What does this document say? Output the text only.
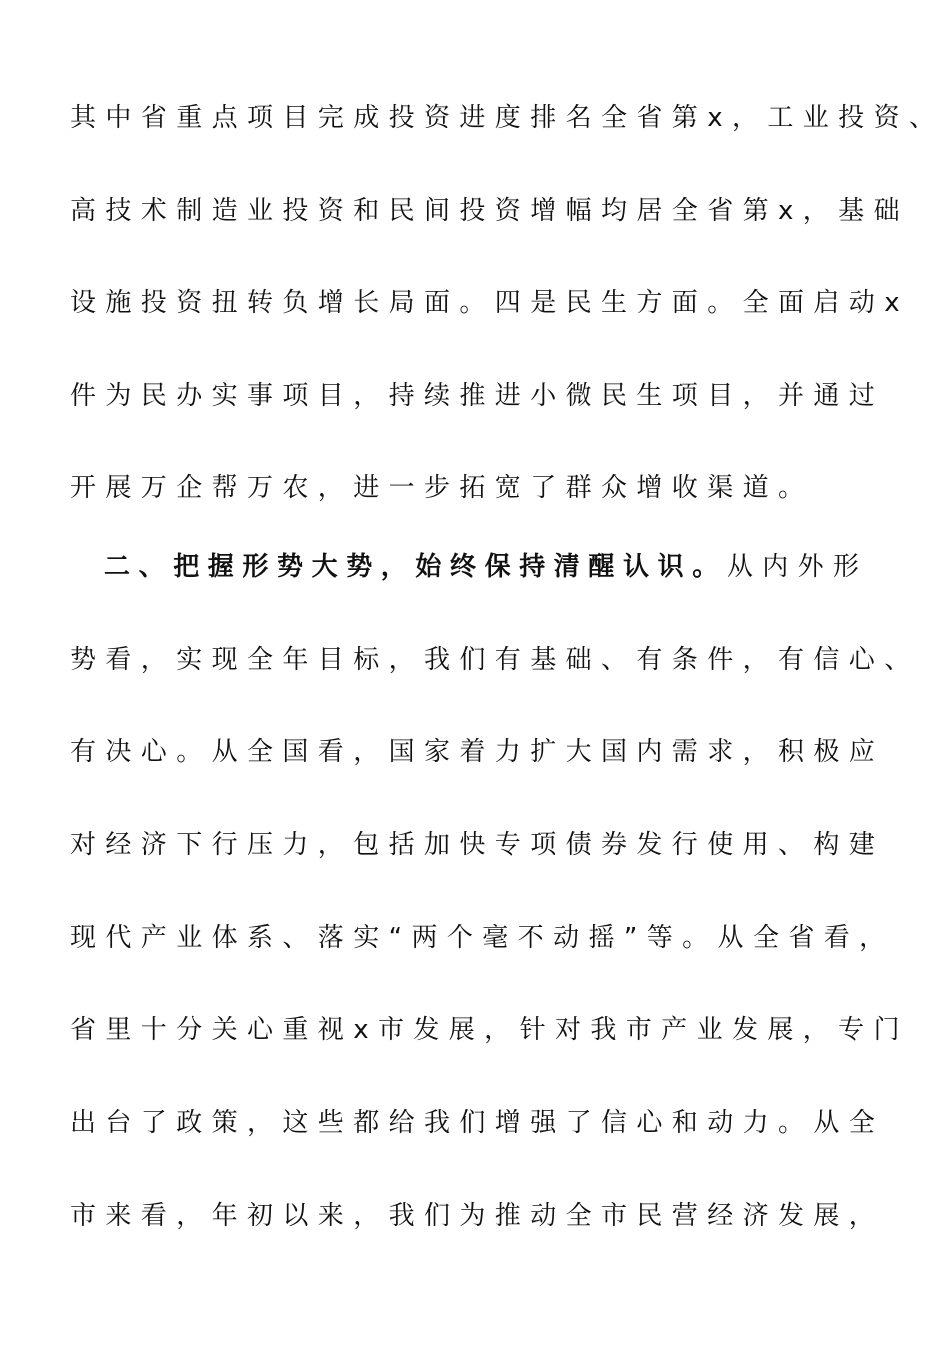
其中省重点项目完成投资进度排名全省第x，工业投资、
高技术制造业投资和民间投资增幅均居全省第x，基础
设施投资扭转负增长局面。四是民生方面。全面启动x
件为民办实事项目，持续推进小微民生项目，并通过
开展万企帮万农，进一步拓宽了群众增收渠道。
二、把握形势大势，始终保持清醒认识。从内外形
势看，实现全年目标，我们有基础、有条件，有信心、
有决心。从全国看，国家着力扩大国内需求，积极应
对经济下行压力，包括加快专项债券发行使用、构建
现代产业体系、落实“两个毫不动摇”等。从全省看，
省里十分关心重视x市发展，针对我市产业发展，专门
出台了政策，这些都给我们增强了信心和动力。从全
市来看，年初以来，我们为推动全市民营经济发展，
